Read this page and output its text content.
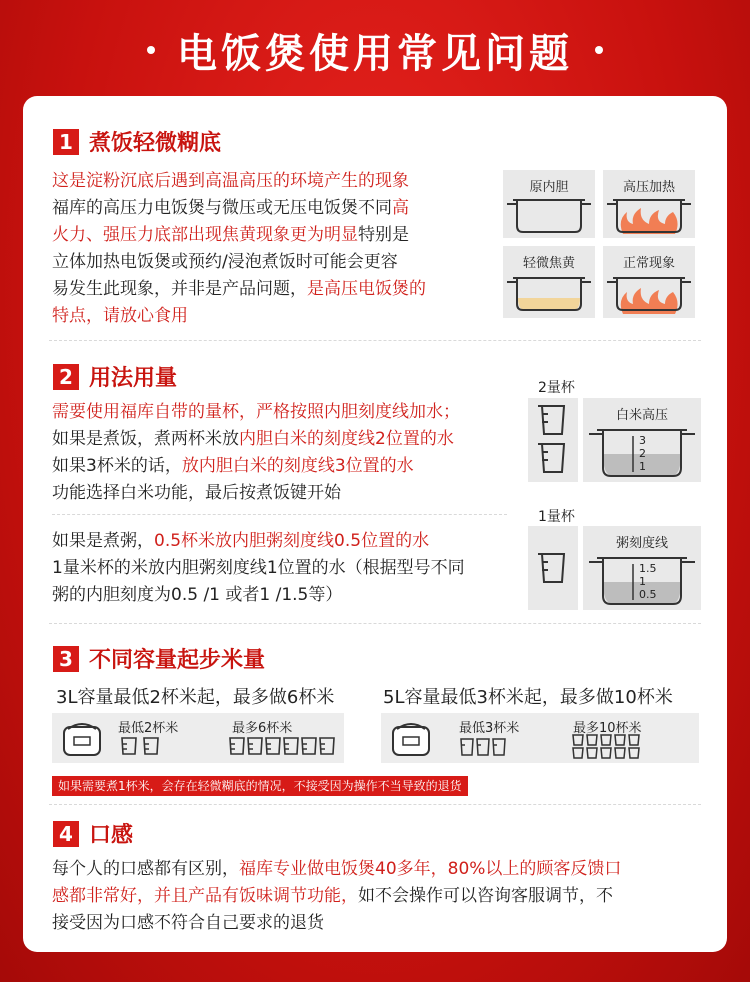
电饭煲使用常见问题
1 煮饭轻微糊底
这是淀粉沉底后遇到高温高压的环境产生的现象
福库的高压力电饭煲与微压或无压电饭煲不同高
火力、强压力底部出现焦黄现象更为明显特别是
立体加热电饭煲或预约/浸泡煮饭时可能会更容
易发生此现象，并非是产品问题，是高压电饭煲的
特点，请放心食用
原内胆	高压加热
轻微焦黄	正常现象
2 用法用量
需要使用福库自带的量杯，严格按照内胆刻度线加水；
如果是煮饭，煮两杯米放内胆白米的刻度线2位置的水
如果3杯米的话，放内胆白米的刻度线3位置的水
功能选择白米功能，最后按煮饭键开始
如果是煮粥，0.5杯米放内胆粥刻度线0.5位置的水
1量米杯的米放内胆粥刻度线1位置的水（根据型号不同
粥的内胆刻度为0.5 /1 或者1 /1.5等）
2量杯
白米高压
3
2
1
1量杯
粥刻度线
1.5
1
0.5
3 不同容量起步米量
3L容量最低2杯米起，最多做6杯米	5L容量最低3杯米起，最多做10杯米
最低2杯米	最多6杯米	最低3杯米	最多10杯米
如果需要煮1杯米，会存在轻微糊底的情况，不接受因为操作不当导致的退货
4 口感
每个人的口感都有区别，福库专业做电饭煲40多年，80%以上的顾客反馈口
感都非常好，并且产品有饭味调节功能，如不会操作可以咨询客服调节，不
接受因为口感不符合自己要求的退货
